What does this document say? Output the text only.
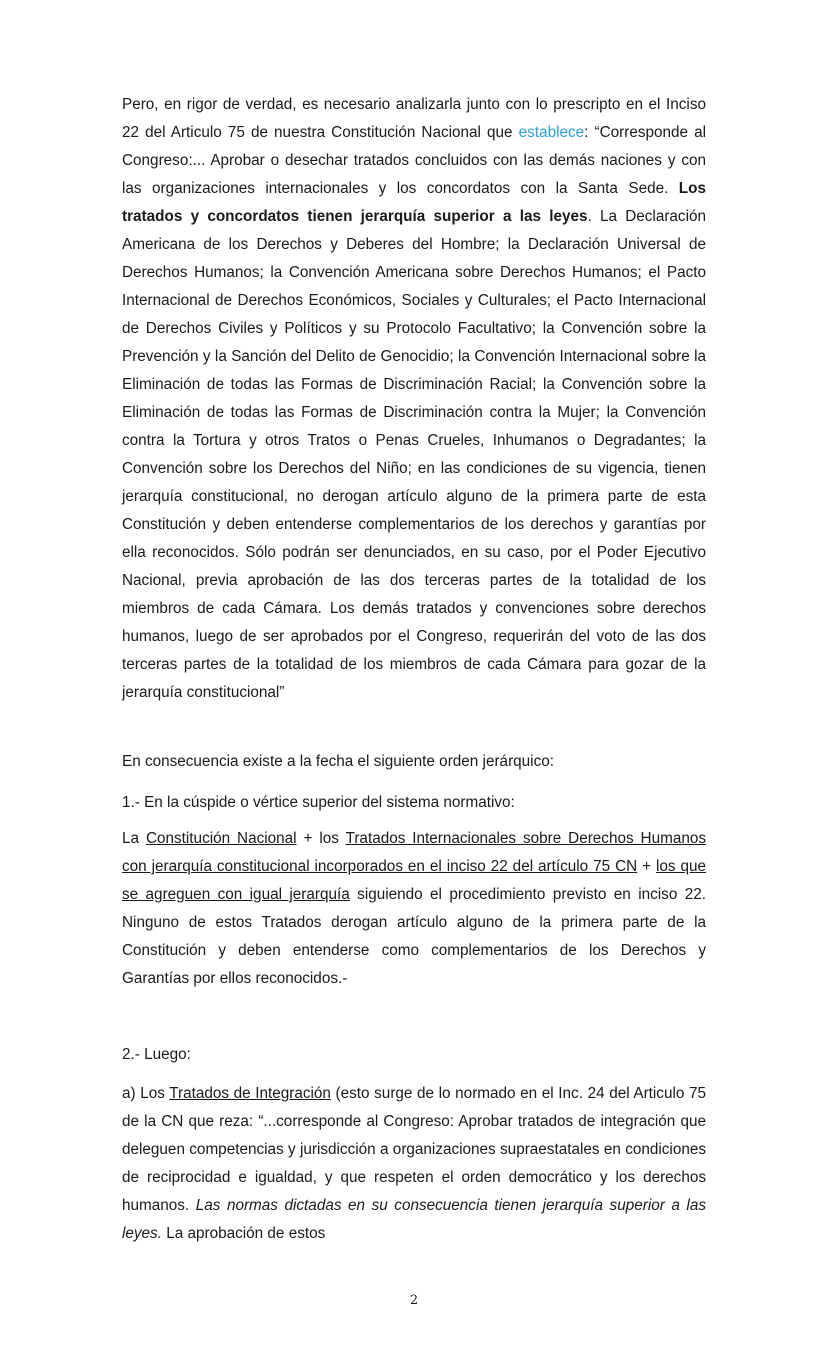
Pero, en rigor de verdad, es necesario analizarla junto con lo prescripto en el Inciso 22 del Articulo 75 de nuestra Constitución Nacional que establece: “Corresponde al Congreso:... Aprobar o desechar tratados concluidos con las demás naciones y con las organizaciones internacionales y los concordatos con la Santa Sede. Los tratados y concordatos tienen jerarquía superior a las leyes. La Declaración Americana de los Derechos y Deberes del Hombre; la Declaración Universal de Derechos Humanos; la Convención Americana sobre Derechos Humanos; el Pacto Internacional de Derechos Económicos, Sociales y Culturales; el Pacto Internacional de Derechos Civiles y Políticos y su Protocolo Facultativo; la Convención sobre la Prevención y la Sanción del Delito de Genocidio; la Convención Internacional sobre la Eliminación de todas las Formas de Discriminación Racial; la Convención sobre la Eliminación de todas las Formas de Discriminación contra la Mujer; la Convención contra la Tortura y otros Tratos o Penas Crueles, Inhumanos o Degradantes; la Convención sobre los Derechos del Niño; en las condiciones de su vigencia, tienen jerarquía constitucional, no derogan artículo alguno de la primera parte de esta Constitución y deben entenderse complementarios de los derechos y garantías por ella reconocidos. Sólo podrán ser denunciados, en su caso, por el Poder Ejecutivo Nacional, previa aprobación de las dos terceras partes de la totalidad de los miembros de cada Cámara. Los demás tratados y convenciones sobre derechos humanos, luego de ser aprobados por el Congreso, requerirán del voto de las dos terceras partes de la totalidad de los miembros de cada Cámara para gozar de la jerarquía constitucional”

En consecuencia existe a la fecha el siguiente orden jerárquico:

1.- En la cúspide o vértice superior del sistema normativo:

La Constitución Nacional + los Tratados Internacionales sobre Derechos Humanos con jerarquía constitucional incorporados en el inciso 22 del artículo 75 CN + los que se agreguen con igual jerarquía siguiendo el procedimiento previsto en inciso 22. Ninguno de estos Tratados derogan artículo alguno de la primera parte de la Constitución y deben entenderse como complementarios de los Derechos y Garantías por ellos reconocidos.-

2.- Luego:

a) Los Tratados de Integración (esto surge de lo normado en el Inc. 24 del Articulo 75 de la CN que reza: “...corresponde al Congreso: Aprobar tratados de integración que deleguen competencias y jurisdicción a organizaciones supraestatales en condiciones de reciprocidad e igualdad, y que respeten el orden democrático y los derechos humanos. Las normas dictadas en su consecuencia tienen jerarquía superior a las leyes. La aprobación de estos

2
